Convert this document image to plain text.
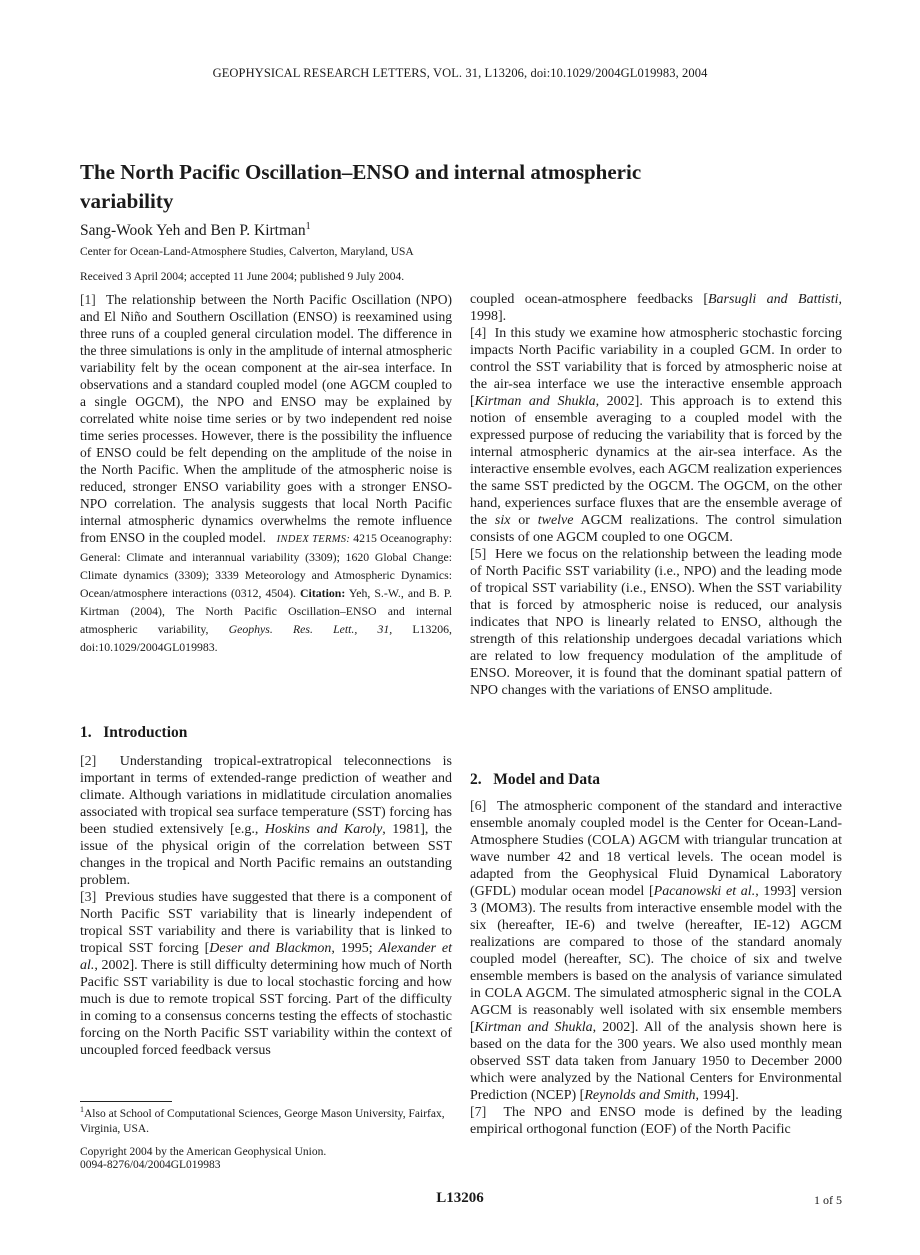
GEOPHYSICAL RESEARCH LETTERS, VOL. 31, L13206, doi:10.1029/2004GL019983, 2004
The North Pacific Oscillation–ENSO and internal atmospheric variability
Sang-Wook Yeh and Ben P. Kirtman$^1$
Center for Ocean-Land-Atmosphere Studies, Calverton, Maryland, USA
Received 3 April 2004; accepted 11 June 2004; published 9 July 2004.

[1] The relationship between the North Pacific Oscillation (NPO) and El Niño and Southern Oscillation (ENSO) is reexamined using three runs of a coupled general circulation model. The difference in the three simulations is only in the amplitude of internal atmospheric variability felt by the ocean component at the air-sea interface. In observations and a standard coupled model (one AGCM coupled to a single OGCM), the NPO and ENSO may be explained by correlated white noise time series or by two independent red noise time series processes. However, there is the possibility the influence of ENSO could be felt depending on the amplitude of the noise in the North Pacific. When the amplitude of the atmospheric noise is reduced, stronger ENSO variability goes with a stronger ENSO-NPO correlation. The analysis suggests that local North Pacific internal atmospheric dynamics overwhelms the remote influence from ENSO in the coupled model. INDEX TERMS: 4215 Oceanography: General: Climate and interannual variability (3309); 1620 Global Change: Climate dynamics (3309); 3339 Meteorology and Atmospheric Dynamics: Ocean/atmosphere interactions (0312, 4504). Citation: Yeh, S.-W., and B. P. Kirtman (2004), The North Pacific Oscillation–ENSO and internal atmospheric variability, Geophys. Res. Lett., 31, L13206, doi:10.1029/2004GL019983.

1.   Introduction

[2] Understanding tropical-extratropical teleconnections is important in terms of extended-range prediction of weather and climate. Although variations in midlatitude circulation anomalies associated with tropical sea surface temperature (SST) forcing has been studied extensively [e.g., Hoskins and Karoly, 1981], the issue of the physical origin of the correlation between SST changes in the tropical and North Pacific remains an outstanding problem.

[3] Previous studies have suggested that there is a component of North Pacific SST variability that is linearly independent of tropical SST variability and there is variability that is linked to tropical SST forcing [Deser and Blackmon, 1995; Alexander et al., 2002]. There is still difficulty determining how much of North Pacific SST variability is due to local stochastic forcing and how much is due to remote tropical SST forcing. Part of the difficulty in coming to a consensus concerns testing the effects of stochastic forcing on the North Pacific SST variability within the context of uncoupled forced feedback versus

coupled ocean-atmosphere feedbacks [Barsugli and Battisti, 1998].

[4] In this study we examine how atmospheric stochastic forcing impacts North Pacific variability in a coupled GCM. In order to control the SST variability that is forced by atmospheric noise at the air-sea interface we use the interactive ensemble approach [Kirtman and Shukla, 2002]. This approach is to extend this notion of ensemble averaging to a coupled model with the expressed purpose of reducing the variability that is forced by the internal atmospheric dynamics at the air-sea interface. As the interactive ensemble evolves, each AGCM realization experiences the same SST predicted by the OGCM. The OGCM, on the other hand, experiences surface fluxes that are the ensemble average of the six or twelve AGCM realizations. The control simulation consists of one AGCM coupled to one OGCM.

[5] Here we focus on the relationship between the leading mode of North Pacific SST variability (i.e., NPO) and the leading mode of tropical SST variability (i.e., ENSO). When the SST variability that is forced by atmospheric noise is reduced, our analysis indicates that NPO is linearly related to ENSO, although the strength of this relationship undergoes decadal variations which are related to low frequency modulation of the amplitude of ENSO. Moreover, it is found that the dominant spatial pattern of NPO changes with the variations of ENSO amplitude.

2.   Model and Data

[6] The atmospheric component of the standard and interactive ensemble anomaly coupled model is the Center for Ocean-Land-Atmosphere Studies (COLA) AGCM with triangular truncation at wave number 42 and 18 vertical levels. The ocean model is adapted from the Geophysical Fluid Dynamical Laboratory (GFDL) modular ocean model [Pacanowski et al., 1993] version 3 (MOM3). The results from interactive ensemble model with the six (hereafter, IE-6) and twelve (hereafter, IE-12) AGCM realizations are compared to those of the standard anomaly coupled model (hereafter, SC). The choice of six and twelve ensemble members is based on the analysis of variance simulated in COLA AGCM. The simulated atmospheric signal in the COLA AGCM is reasonably well isolated with six ensemble members [Kirtman and Shukla, 2002]. All of the analysis shown here is based on the data for the 300 years. We also used monthly mean observed SST data taken from January 1950 to December 2000 which were analyzed by the National Centers for Environmental Prediction (NCEP) [Reynolds and Smith, 1994].

[7] The NPO and ENSO mode is defined by the leading empirical orthogonal function (EOF) of the North Pacific

$^1$Also at School of Computational Sciences, George Mason University, Fairfax, Virginia, USA.
Copyright 2004 by the American Geophysical Union.
0094-8276/04/2004GL019983
L13206	1 of 5
